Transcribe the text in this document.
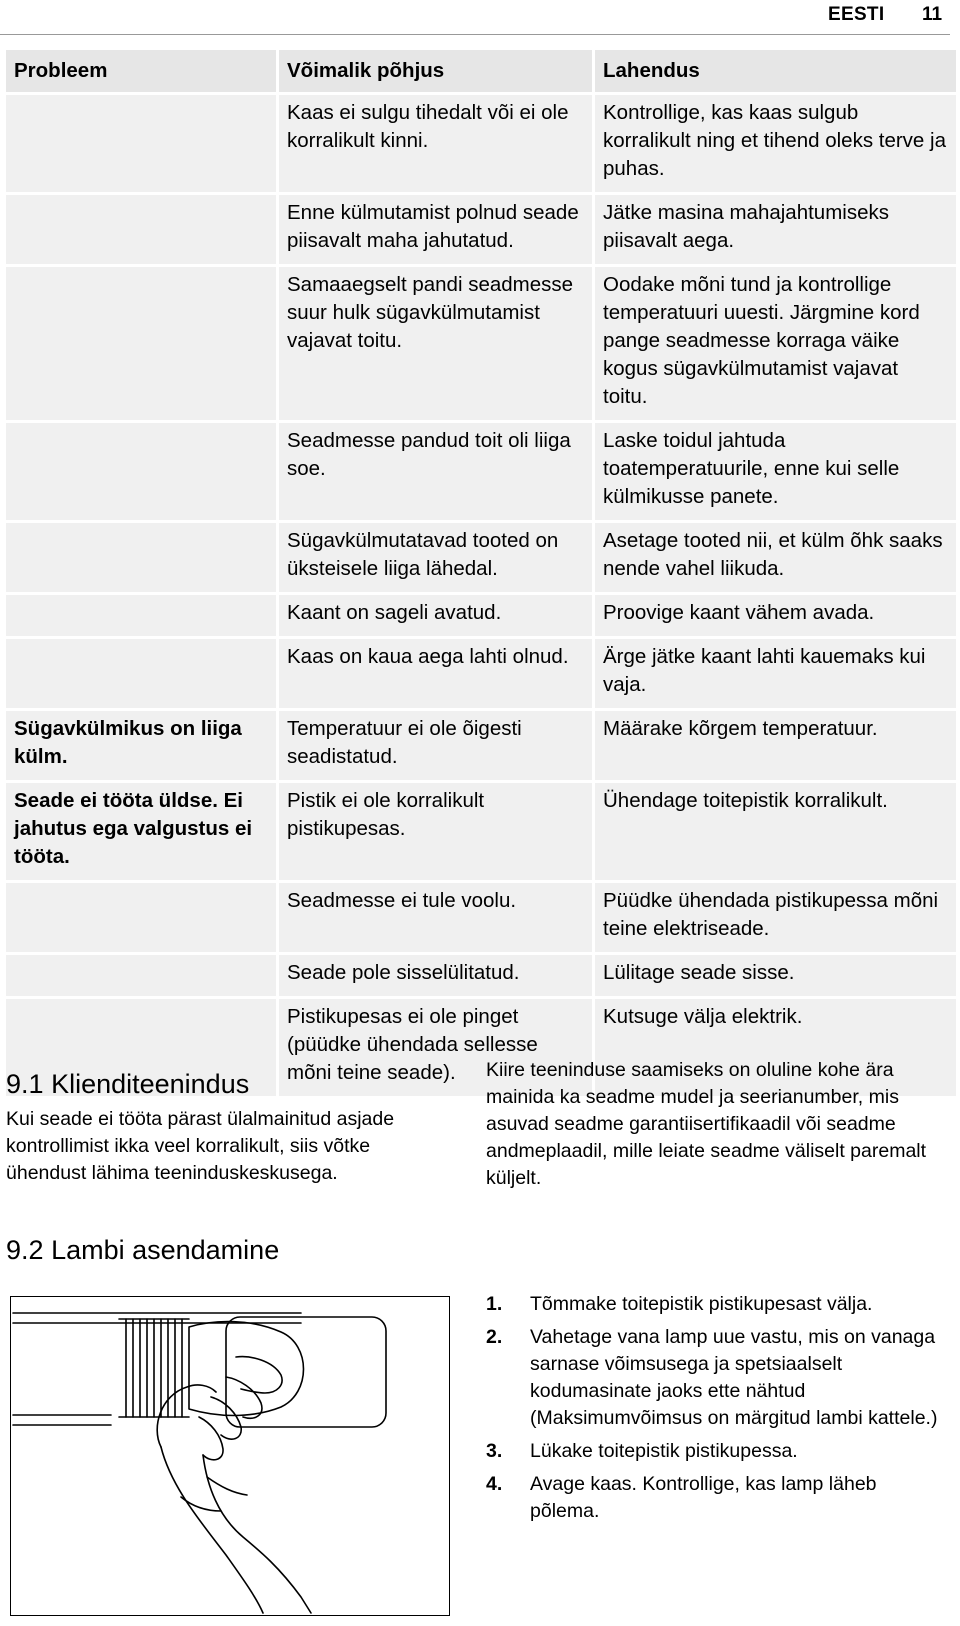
EESTI 11
Probleem	Võimalik põhjus	Lahendus
	Kaas ei sulgu tihedalt või ei ole korralikult kinni.	Kontrollige, kas kaas sulgub korralikult ning et tihend oleks terve ja puhas.
	Enne külmutamist polnud seade piisavalt maha jahutatud.	Jätke masina mahajahtumiseks piisavalt aega.
	Samaaegselt pandi seadmesse suur hulk sügavkülmutamist vajavat toitu.	Oodake mõni tund ja kontrollige temperatuuri uuesti. Järgmine kord pange seadmesse korraga väike kogus sügavkülmutamist vajavat toitu.
	Seadmesse pandud toit oli liiga soe.	Laske toidul jahtuda toatemperatuurile, enne kui selle külmikusse panete.
	Sügavkülmutatavad tooted on üksteisele liiga lähedal.	Asetage tooted nii, et külm õhk saaks nende vahel liikuda.
	Kaant on sageli avatud.	Proovige kaant vähem avada.
	Kaas on kaua aega lahti olnud.	Ärge jätke kaant lahti kauemaks kui vaja.
Sügavkülmikus on liiga külm.	Temperatuur ei ole õigesti seadistatud.	Määrake kõrgem temperatuur.
Seade ei tööta üldse. Ei jahutus ega valgustus ei tööta.	Pistik ei ole korralikult pistikupesas.	Ühendage toitepistik korralikult.
	Seadmesse ei tule voolu.	Püüdke ühendada pistikupessa mõni teine elektriseade.
	Seade pole sisselülitatud.	Lülitage seade sisse.
	Pistikupesas ei ole pinget (püüdke ühendada sellesse mõni teine seade).	Kutsuge välja elektrik.
9.1 Klienditeenindus

Kui seade ei tööta pärast ülalmainitud asjade kontrollimist ikka veel korralikult, siis võtke ühendust lähima teeninduskeskusega.

Kiire teeninduse saamiseks on oluline kohe ära mainida ka seadme mudel ja seerianumber, mis asuvad seadme garantiisertifikaadil või seadme andmeplaadil, mille leiate seadme väliselt paremalt küljelt.

9.2 Lambi asendamine
1. Tõmmake toitepistik pistikupesast välja.
2. Vahetage vana lamp uue vastu, mis on vanaga sarnase võimsusega ja spetsiaalselt kodumasinate jaoks ette nähtud (Maksimumvõimsus on märgitud lambi kattele.)
3. Lükake toitepistik pistikupessa.
4. Avage kaas. Kontrollige, kas lamp läheb põlema.
